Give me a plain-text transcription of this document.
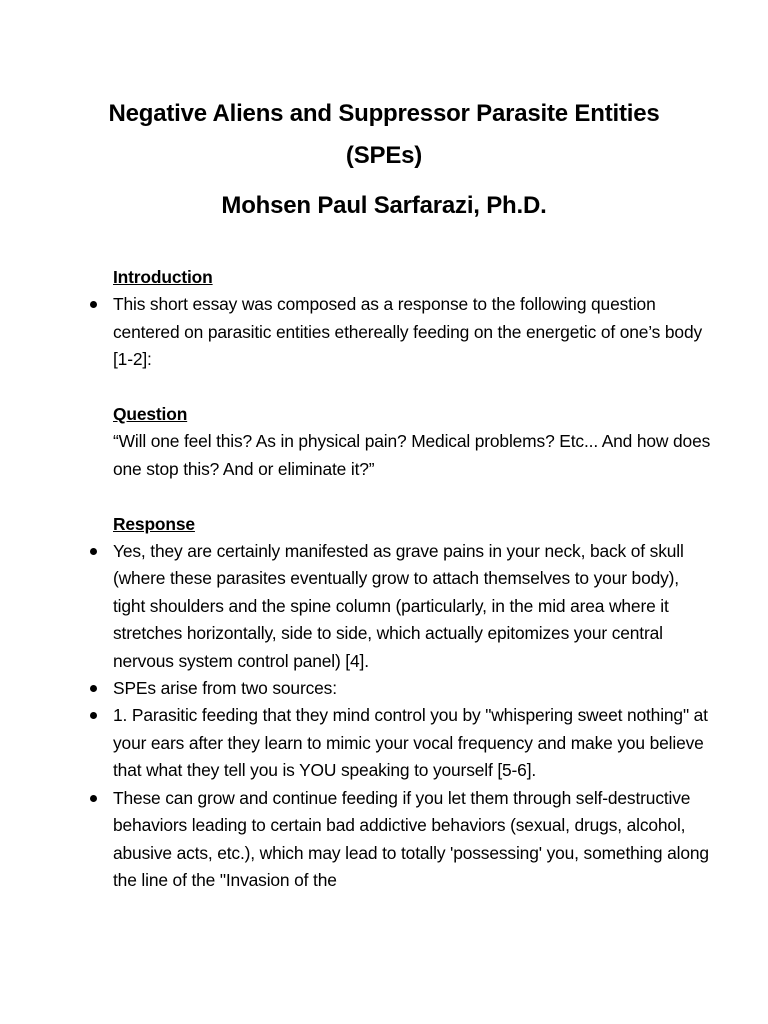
Negative Aliens and Suppressor Parasite Entities (SPEs)
Mohsen Paul Sarfarazi, Ph.D.

Introduction

This short essay was composed as a response to the following question centered on parasitic entities ethereally feeding on the energetic of one’s body [1-2]:

Question

“Will one feel this? As in physical pain? Medical problems? Etc... And how does one stop this? And or eliminate it?”

Response

Yes, they are certainly manifested as grave pains in your neck, back of skull (where these parasites eventually grow to attach themselves to your body), tight shoulders and the spine column (particularly, in the mid area where it stretches horizontally, side to side, which actually epitomizes your central nervous system control panel) [4].

SPEs arise from two sources:

1. Parasitic feeding that they mind control you by "whispering sweet nothing" at your ears after they learn to mimic your vocal frequency and make you believe that what they tell you is YOU speaking to yourself [5-6].

These can grow and continue feeding if you let them through self-destructive behaviors leading to certain bad addictive behaviors (sexual, drugs, alcohol, abusive acts, etc.), which may lead to totally 'possessing' you, something along the line of the "Invasion of the
